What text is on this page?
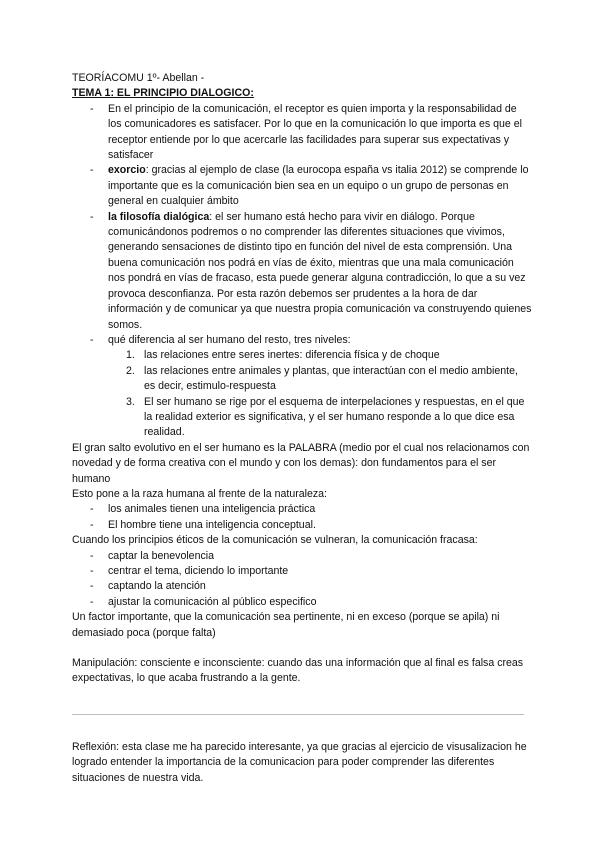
TEORÍACOMU 1º- Abellan -

TEMA 1: EL PRINCIPIO DIALOGICO:

- En el principio de la comunicación, el receptor es quien importa y la responsabilidad de los comunicadores es satisfacer. Por lo que en la comunicación lo que importa es que el receptor entiende por lo que acercarle las facilidades para superar sus expectativas y satisfacer
- exorcio: gracias al ejemplo de clase (la eurocopa españa vs italia 2012) se comprende lo importante que es la comunicación bien sea en un equipo o un grupo de personas en general en cualquier ámbito
- la filosofía dialógica: el ser humano está hecho para vivir en diálogo. Porque comunicándonos podremos o no comprender las diferentes situaciones que vivimos, generando sensaciones de distinto tipo en función del nivel de esta comprensión. Una buena comunicación nos podrá en vías de éxito, mientras que una mala comunicación nos pondrá en vías de fracaso, esta puede generar alguna contradicción, lo que a su vez provoca desconfianza. Por esta razón debemos ser prudentes a la hora de dar información y de comunicar ya que nuestra propia comunicación va construyendo quienes somos.
- qué diferencia al ser humano del resto, tres niveles:
1. las relaciones entre seres inertes: diferencia física y de choque
2. las relaciones entre animales y plantas, que interactúan con el medio ambiente, es decir, estimulo-respuesta
3. El ser humano se rige por el esquema de interpelaciones y respuestas, en el que la realidad exterior es significativa, y el ser humano responde a lo que dice esa realidad.

El gran salto evolutivo en el ser humano es la PALABRA (medio por el cual nos relacionamos con novedad y de forma creativa con el mundo y con los demas): don fundamentos para el ser humano

Esto pone a la raza humana al frente de la naturaleza:

- los animales tienen una inteligencia práctica
- El hombre tiene una inteligencia conceptual.

Cuando los principios éticos de la comunicación se vulneran, la comunicación fracasa:

- captar la benevolencia
- centrar el tema, diciendo lo importante
- captando la atención
- ajustar la comunicación al público especifico

Un factor importante, que la comunicación sea pertinente, ni en exceso (porque se apila) ni demasiado poca (porque falta)

Manipulación: consciente e inconsciente: cuando das una información que al final es falsa creas expectativas, lo que acaba frustrando a la gente.

Reflexión: esta clase me ha parecido interesante, ya que gracias al ejercicio de visusalizacion he logrado entender la importancia de la comunicacion para poder comprender las diferentes situaciones de nuestra vida.
